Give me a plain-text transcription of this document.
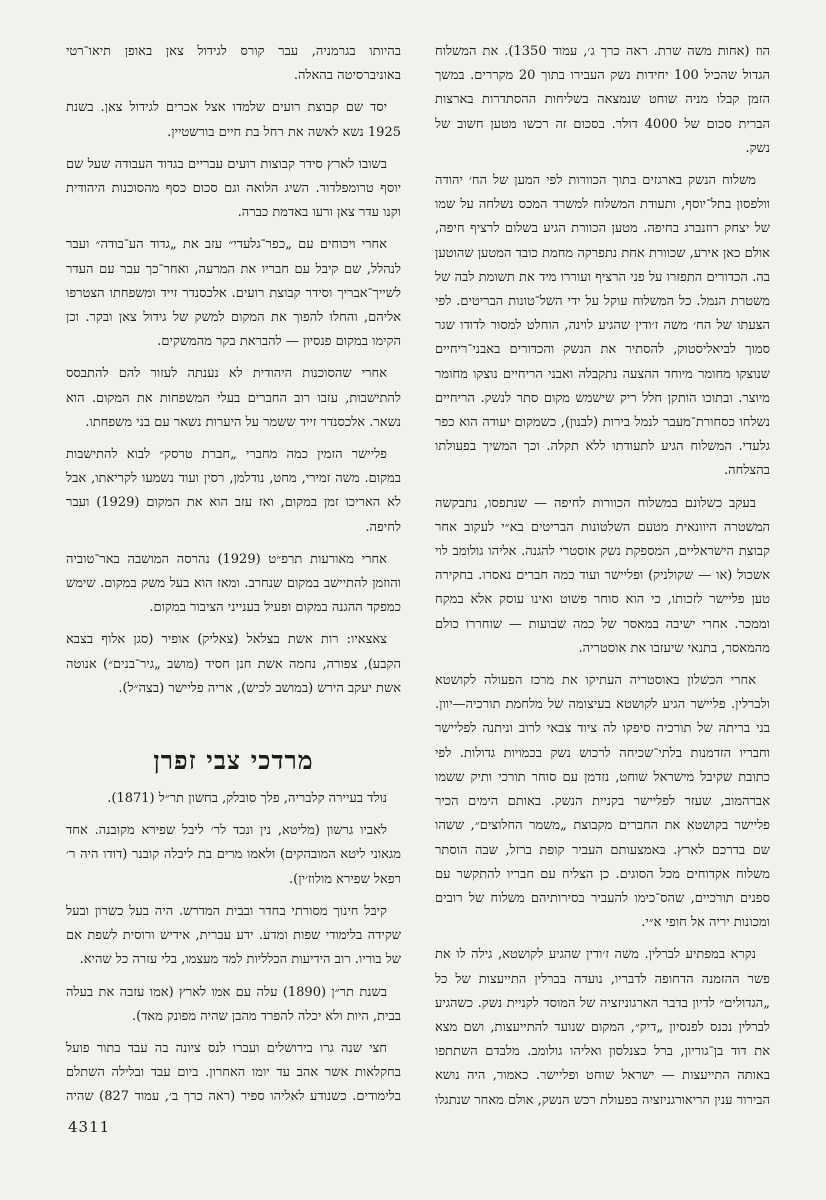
הוז (אחות משה שרת. ראה כרך ג׳, עמוד 1350). את המשלוח הגדול שהכיל 100 יחידות נשק העבירו בתוך 20 מקררים. במשך הזמן קבלו מניה שוחט שנמצאה בשליחות ההסתדרות בארצות הברית סכום של 4000 דולר. בסכום זה רכשו מטען חשוב של נשק.

משלוח הנשק בארגזים בתוך הכוורות לפי המען של הח׳ יהודה וולפסון בתל־יוסף, ותעודת המשלוח למשרד המכס נשלחה על שמו של יצחק רוזנברג בחיפה. מטען הכוורת הגיע בשלום לרציף חיפה, אולם כאן אירע, שכוורת אחת נתפרקה מחמת כובד המטען שהוטען בה. הכדורים התפזרו על פני הרציף ועוררו מיד את תשומת לבה של משטרת הנמל. כל המשלוח עוקל על ידי השל־טונות הבריטים. לפי הצעתו של הח׳ משה ז׳ודין שהגיע לוינה, הוחלט למסור לדודו שגר סמוך לביאליסטוק, להסתיר את הנשק והכדורים באבני־ריחיים שנוצקו מחומר מיוחד ההצעה נתקבלה ואבני הריחיים נוצקו מחומר מיוצר. ובתוכו הותקן חלל ריק שישמש מקום סתר לנשק. הריחיים נשלחו כסחורת־מעבר לנמל בירות (לבנון), כשמקום יעודה הוא כפר גלעדי. המשלוח הגיע לתעודתו ללא תקלה. וכך המשיך בפעולתו בהצלחה.

בעקב כשלונם במשלוח הכוורות לחיפה — שנתפסו, נתבקשה המשטרה היוונאית מטעם השלטונות הבריטים בא״י לעקוב אחר קבוצת הישראליים, המספקת נשק אוסטרי להגנה. אליהו גולומב לוי אשכול (או — שקולניק) ופליישר ועוד כמה חברים נאסרו. בחקירה טען פליישר לזכותו, כי הוא סוחר פשוט ואינו עוסק אלא במקח וממכר. אחרי ישיבה במאסר של כמה שבועות — שוחררו כולם מהמאסר, בתנאי שיעזבו את אוסטריה.

אחרי הכשלון באוסטריה העתיקו את מרכז הפעולה לקושטא ולברלין. פליישר הגיע לקושטא בעיצומה של מלחמת תורכיה—יוון. בני בריתה של תורכיה סיפקו לה ציוד צבאי לרוב וניתנה לפליישר וחבריו הזדמנות בלתי־שכיחה לרכוש נשק בכמויות גדולות. לפי כתובת שקיבל מישראל שוחט, נזדמן עם סוחר תורכי ותיק ששמו אברהמוב, שעזר לפליישר בקניית הנשק. באותם הימים הכיר פליישר בקושטא את החברים מקבוצת „משמר החלוצים״, ששהו שם בדרכם לארץ. באמצעותם העביר קופת ברזל, שבה הוסתר משלוח אקדוחים מכל הסוגים. כן הצליח עם חבריו להתקשר עם ספנים תורכיים, שהס־כימו להעביר בסירותיהם משלוח של רובים ומכונות יריה אל חופי א״י.

נקרא במפתיע לברלין. משה ז׳ודין שהגיע לקושטא, גילה לו את פשר ההזמנה הדחופה לדבריו, נועדה בברלין התייעצות של כל „הגדולים״ לדיון בדבר הארגוניזציה של המוסד לקניית נשק. כשהגיע לברלין נכנס לפנסיון „דיק״, המקום שנועד להתייעצות, ושם מצא את דוד בן־גוריון, ברל כצנלסון ואליהו גולומב. מלבדם השתתפו באותה התייעצות — ישראל שוחט ופליישר. כאמור, היה נושא הבירור ענין הריאורגניזציה בפעולת רכש הנשק, אולם מאחר שנתגלו

בהיותו בגרמניה, עבר קורס לגידול צאן באופן תיאו־רטי באוניברסיטה בהאלה.

יסד שם קבוצת רועים שלמדו אצל אכרים לגידול צאן. בשנת 1925 נשא לאשה את רחל בת חיים בורשטיין.

בשובו לארץ סידר קבוצות רועים עבריים בגדוד העבודה שעל שם יוסף טרומפלדור. השיג הלואה וגם סכום כסף מהסוכנות היהודית וקנו עדר צאן ורעו באדמת כברה.

אחרי ויכוחים עם „כפר־גלעדי״ עזב את „גדוד הע־בודה״ ועבר לנהלל, שם קיבל עם חבריו את המרעה, ואחר־כך עבר עם העדר לשייך־אבריך וסידר קבוצת רועים. אלכסנדר זייד ומשפחתו הצטרפו אליהם, והחלו להפוך את המקום למשק של גידול צאן ובקר. וכן הקימו במקום פנסיון — להבראת בקר מהמשקים.

אחרי שהסוכנות היהודית לא נענתה לעזור להם להתבסס להתישבות, עזבו רוב החברים בעלי המשפחות את המקום. הוא נשאר. אלכסנדר זייד ששמר על היערות נשאר עם בני משפחתו.

פליישר הזמין כמה מחברי „חברת טרסק״ לבוא להתישבות במקום. משה זמירי, מחט, נודלמן, רסין ועוד נשמעו לקריאתו, אבל לא האריכו זמן במקום, ואז עזב הוא את המקום (1929) ועבר לחיפה.

אחרי מאורעות תרפ״ט (1929) נהרסה המושבה באר־טוביה והוזמן להתיישב במקום שנחרב. ומאז הוא בעל משק במקום. שימש כמפקד ההגנה במקום ופעיל בענייני הציבור במקום.

צאצאיו: רות אשת בצלאל (צאליק) אופיר (סגן אלוף בצבא הקבע), צפורה, נחמה אשת חנן חסיד (מושב „גיר־בנים״) אנוטה אשת יעקב הירש (במושב לכיש), אריה פליישר (בצה״ל).

מרדכי צבי זפרן

נולד בעיירה קלבריה, פלך סובלק, בחשון תר״ל (1871).

לאביו גרשון (מליטא, נין ונכד לר׳ ליבל שפירא מקובנה. אחד מגאוני ליטא המובהקים) ולאמו מרים בת ליבלה קובנר (דודו היה ר׳ רפאל שפירא מולוז׳ין).

קיבל חינוך מסורתי בחדר ובבית המדרש. היה בעל כשרון ובעל שקידה בלימודי שפות ומדע. ידע עברית, אידיש ורוסית לשפת אם של בוריו. רוב הידיעות הכלליות למד מעצמו, בלי עזרה כל שהיא.

בשנת תר״ן (1890) עלה עם אמו לארץ (אמו עזבה את בעלה בבית, היות ולא יכלה להפרד מהבן שהיה מפונק מאד).

חצי שנה גרו בירושלים ועברו לנס ציונה בה עבד בתור פועל בחקלאות אשר אהב עד יומו האחרון. ביום עבד ובלילה השתלם בלימודים. כשנודע לאליהו ספיר (ראה כרך ב׳, עמוד 827) שהיה

4311
